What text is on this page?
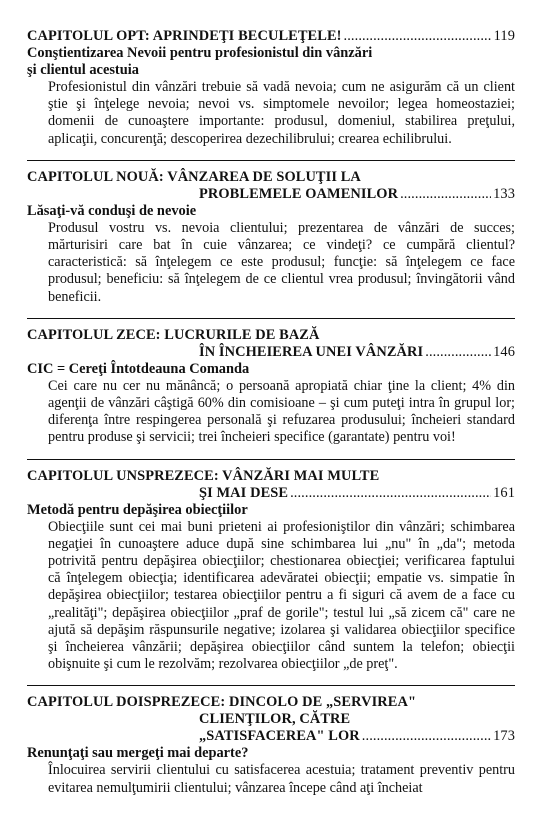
CAPITOLUL OPT: APRINDEŢI BECULEŢELE! .....	119
Conştientizarea Nevoii pentru profesionistul din vânzări
şi clientul acestuia
Profesionistul din vânzări trebuie să vadă nevoia; cum ne asigurăm că un client ştie şi înţelege nevoia; nevoi vs. simptomele nevoilor; legea homeostaziei; domenii de cunoaştere importante: produsul, domeniul, stabilirea preţului, aplicaţii, concurenţă; descoperirea dezechilibrului; crearea echilibrului.
CAPITOLUL NOUĂ: VÂNZAREA DE SOLUŢII LA
PROBLEMELE OAMENILOR .....	133
Lăsaţi-vă conduşi de nevoie
Produsul vostru vs. nevoia clientului; prezentarea de vânzări de succes; mărturisiri care bat în cuie vânzarea; ce vindeţi? ce cumpără clientul? caracteristică: să înţelegem ce este produsul; funcţie: să înţelegem ce face produsul; beneficiu: să înţelegem de ce clientul vrea produsul; învingătorii vând beneficii.
CAPITOLUL ZECE: LUCRURILE DE BAZĂ
ÎN ÎNCHEIEREA UNEI VÂNZĂRI .....	146
CIC = Cereţi Întotdeauna Comanda
Cei care nu cer nu mănâncă; o persoană apropiată chiar ţine la client; 4% din agenţii de vânzări câştigă 60% din comisioane – şi cum puteţi intra în grupul lor; diferenţa între respingerea personală şi refuzarea produsului; încheieri standard pentru produse şi servicii; trei încheieri specifice (garantate) pentru voi!
CAPITOLUL UNSPREZECE: VÂNZĂRI MAI MULTE
ŞI MAI DESE .....	161
Metodă pentru depăşirea obiecţiilor
Obiecţiile sunt cei mai buni prieteni ai profesioniştilor din vânzări; schimbarea negaţiei în cunoaştere aduce după sine schimbarea lui „nu" în „da"; metoda potrivită pentru depăşirea obiecţiilor; chestionarea obiecţiei; verificarea faptului că înţelegem obiecţia; identificarea adevăratei obiecţii; empatie vs. simpatie în depăşirea obiecţiilor; testarea obiecţiilor pentru a fi siguri că avem de a face cu „realităţi"; depăşirea obiecţiilor „praf de gorile"; testul lui „să zicem că" care ne ajută să depăşim răspunsurile negative; izolarea şi validarea obiecţiilor specifice şi încheierea vânzării; depăşirea obiecţiilor când suntem la telefon; obiecţii obişnuite şi cum le rezolvăm; rezolvarea obiecţiilor „de preţ".
CAPITOLUL DOISPREZECE: DINCOLO DE „SERVIREA"
CLIENŢILOR, CĂTRE
„SATISFACEREA" LOR .....	173
Renunţaţi sau mergeţi mai departe?
Înlocuirea servirii clientului cu satisfacerea acestuia; tratament preventiv pentru evitarea nemulţumirii clientului; vânzarea începe când aţi încheiat
